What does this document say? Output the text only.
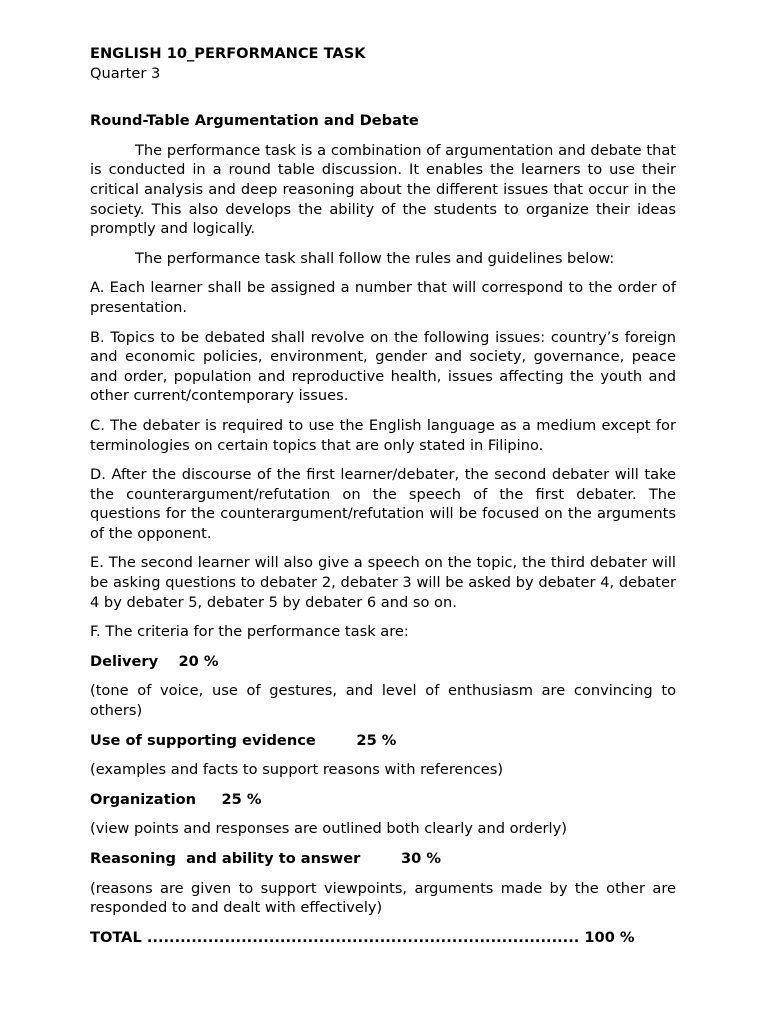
ENGLISH 10_PERFORMANCE TASK
Quarter 3
Round-Table Argumentation and Debate

The performance task is a combination of argumentation and debate that is conducted in a round table discussion. It enables the learners to use their critical analysis and deep reasoning about the different issues that occur in the society. This also develops the ability of the students to organize their ideas promptly and logically.

The performance task shall follow the rules and guidelines below:

A. Each learner shall be assigned a number that will correspond to the order of presentation.

B. Topics to be debated shall revolve on the following issues: country’s foreign and economic policies, environment, gender and society, governance, peace and order, population and reproductive health, issues affecting the youth and other current/contemporary issues.

C. The debater is required to use the English language as a medium except for terminologies on certain topics that are only stated in Filipino.

D. After the discourse of the first learner/debater, the second debater will take the counterargument/refutation on the speech of the first debater. The questions for the counterargument/refutation will be focused on the arguments of the opponent.

E. The second learner will also give a speech on the topic, the third debater will be asking questions to debater 2, debater 3 will be asked by debater 4, debater 4 by debater 5, debater 5 by debater 6 and so on.

F. The criteria for the performance task are:

Delivery 20 %

(tone of voice, use of gestures, and level of enthusiasm are convincing to others)

Use of supporting evidence	25 %

(examples and facts to support reasons with references)

Organization 25 %

(view points and responses are outlined both clearly and orderly)

Reasoning  and ability to answer	30 %

(reasons are given to support viewpoints, arguments made by the other are responded to and dealt with effectively)

TOTAL .............................................................................. 100 %
